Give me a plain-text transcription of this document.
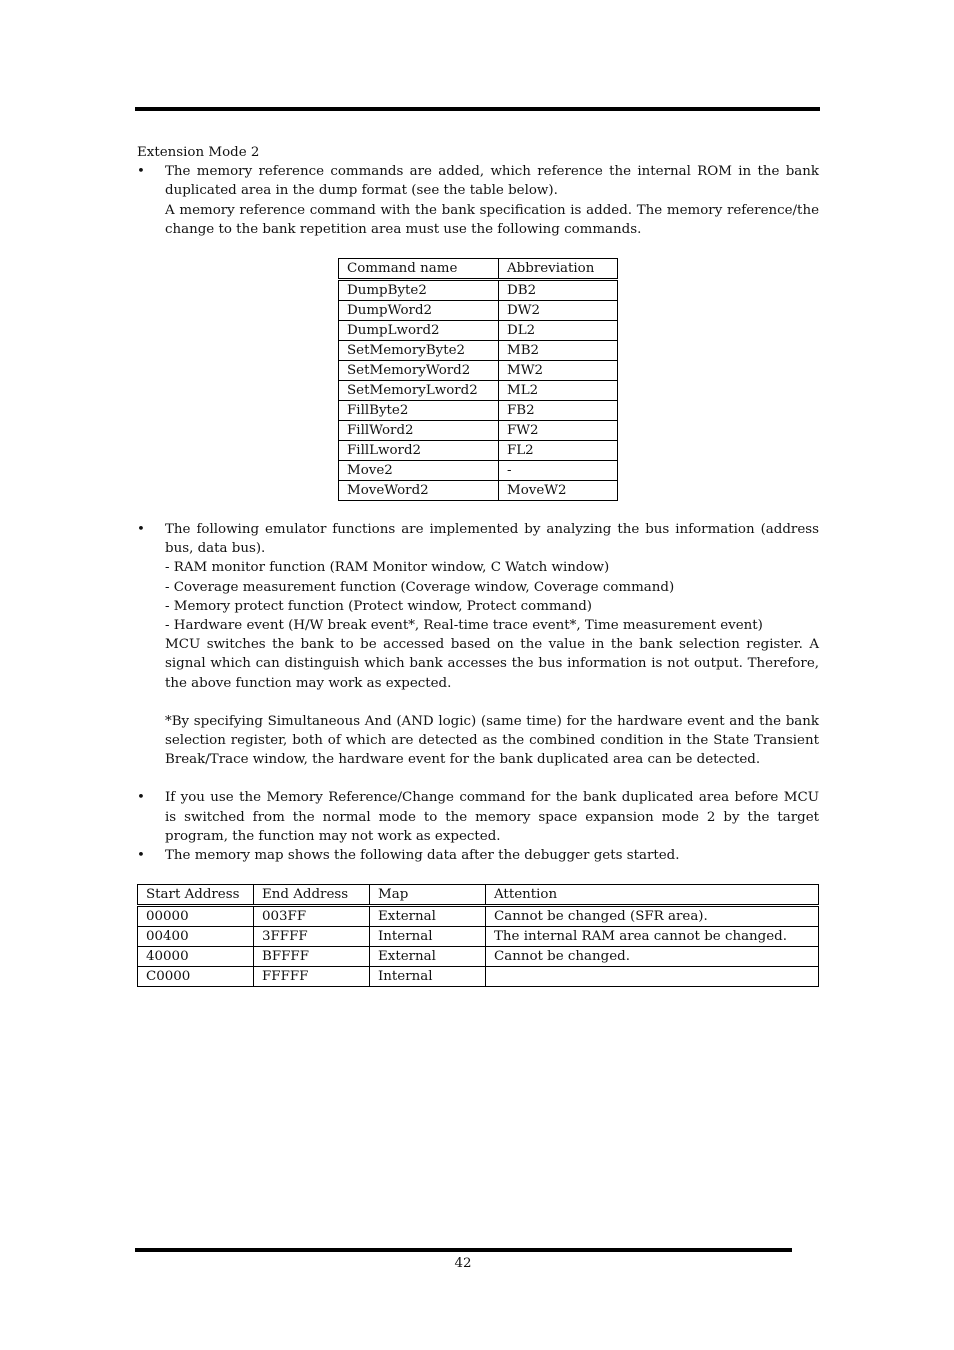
Extension Mode 2

• The memory reference commands are added, which reference the internal ROM in the bank duplicated area in the dump format (see the table below).

A memory reference command with the bank specification is added. The memory reference/the change to the bank repetition area must use the following commands.

Command name	Abbreviation
DumpByte2	DB2
DumpWord2	DW2
DumpLword2	DL2
SetMemoryByte2	MB2
SetMemoryWord2	MW2
SetMemoryLword2	ML2
FillByte2	FB2
FillWord2	FW2
FillLword2	FL2
Move2	-
MoveWord2	MoveW2
• The following emulator functions are implemented by analyzing the bus information (address bus, data bus).

- RAM monitor function (RAM Monitor window, C Watch window)

- Coverage measurement function (Coverage window, Coverage command)

- Memory protect function (Protect window, Protect command)

- Hardware event (H/W break event*, Real-time trace event*, Time measurement event)

MCU switches the bank to be accessed based on the value in the bank selection register. A signal which can distinguish which bank accesses the bus information is not output. Therefore, the above function may work as expected.

*By specifying Simultaneous And (AND logic) (same time) for the hardware event and the bank selection register, both of which are detected as the combined condition in the State Transient Break/Trace window, the hardware event for the bank duplicated area can be detected.

• If you use the Memory Reference/Change command for the bank duplicated area before MCU is switched from the normal mode to the memory space expansion mode 2 by the target program, the function may not work as expected.

• The memory map shows the following data after the debugger gets started.

Start Address	End Address	Map	Attention
00000	003FF	External	Cannot be changed (SFR area).
00400	3FFFF	Internal	The internal RAM area cannot be changed.
40000	BFFFF	External	Cannot be changed.
C0000	FFFFF	Internal	
42
